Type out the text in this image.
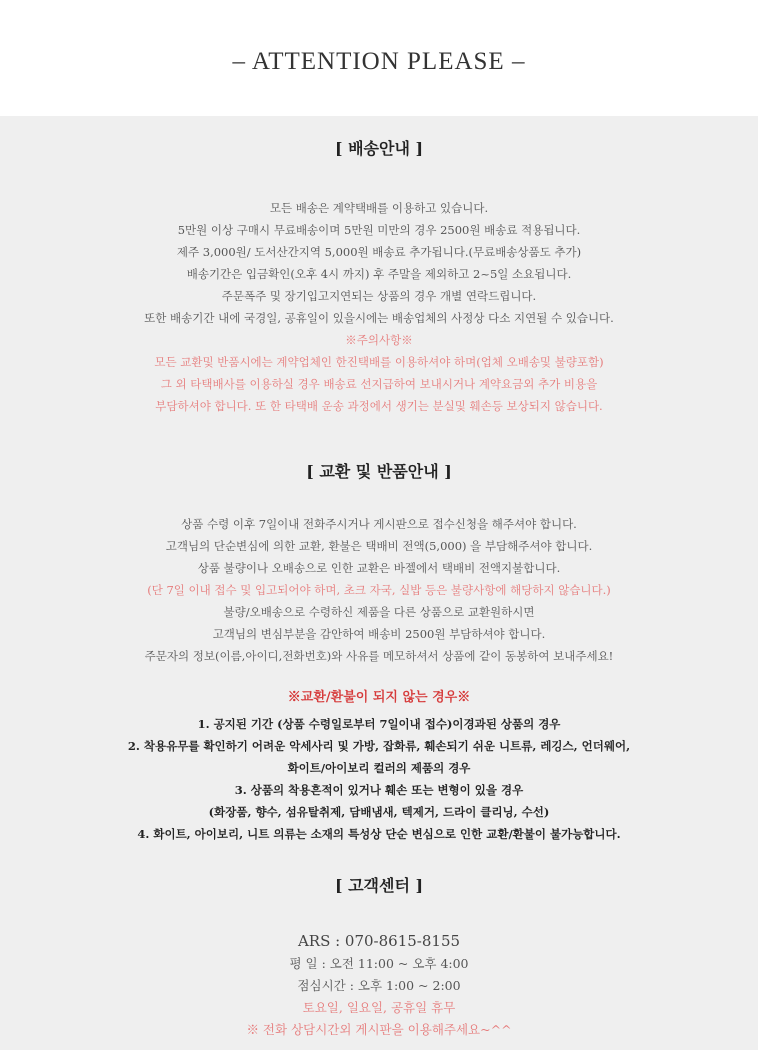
– ATTENTION PLEASE –
[ 배송안내 ]
모든 배송은 계약택배를 이용하고 있습니다.
5만원 이상 구매시 무료배송이며 5만원 미만의 경우 2500원 배송료 적용됩니다.
제주 3,000원/ 도서산간지역 5,000원 배송료 추가됩니다.(무료배송상품도 추가)
배송기간은 입금확인(오후 4시 까지) 후 주말을 제외하고 2~5일 소요됩니다.
주문폭주 및 장기입고지연되는 상품의 경우 개별 연락드립니다.
또한 배송기간 내에 국경일, 공휴일이 있을시에는 배송업체의 사정상 다소 지연될 수 있습니다.
※주의사항※
모든 교환및 반품시에는 계약업체인 한진택배를 이용하셔야 하며(업체 오배송및 불량포함)
그 외 타택배사를 이용하실 경우 배송료 선지급하여 보내시거나 계약요금외 추가 비용을
부담하셔야 합니다. 또 한 타택배 운송 과정에서 생기는 분실및 훼손등 보상되지 않습니다.
[ 교환 및 반품안내 ]
상품 수령 이후 7일이내 전화주시거나 게시판으로 접수신청을 해주셔야 합니다.
고객님의 단순변심에 의한 교환, 환불은 택배비 전액(5,000) 을 부담해주셔야 합니다.
상품 불량이나 오배송으로 인한 교환은 바젤에서 택배비 전액지불합니다.
(단 7일 이내 접수 및 입고되어야 하며, 초크 자국, 실밥 등은 불량사항에 해당하지 않습니다.)
불량/오배송으로 수령하신 제품을 다른 상품으로 교환원하시면
고객님의 변심부분을 감안하여 배송비 2500원 부담하셔야 합니다.
주문자의 정보(이름,아이디,전화번호)와 사유를 메모하셔서 상품에 같이 동봉하여 보내주세요!
※교환/환불이 되지 않는 경우※
1. 공지된 기간 (상품 수령일로부터 7일이내 접수)이경과된 상품의 경우
2. 착용유무를 확인하기 어려운 악세사리 및 가방, 잡화류, 훼손되기 쉬운 니트류, 레깅스, 언더웨어,
화이트/아이보리 컬러의 제품의 경우
3. 상품의 착용흔적이 있거나 훼손 또는 변형이 있을 경우
(화장품, 향수, 섬유탈취제, 담배냄새, 텍제거, 드라이 클리닝, 수선)
4. 화이트, 아이보리, 니트 의류는 소재의 특성상 단순 변심으로 인한 교환/환불이 불가능합니다.
[ 고객센터 ]
ARS : 070-8615-8155
평 일 : 오전 11:00 ~ 오후 4:00
점심시간 : 오후 1:00 ~ 2:00
토요일, 일요일, 공휴일 휴무
※ 전화 상담시간외 게시판을 이용해주세요~^^
